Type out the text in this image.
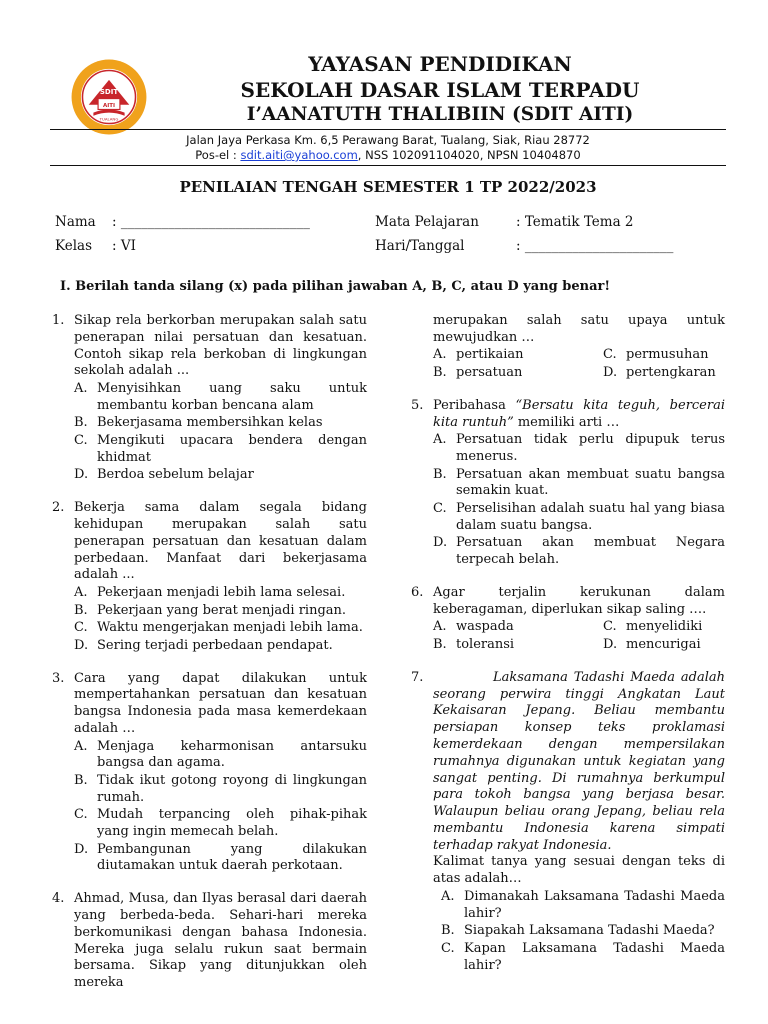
SDIT
AITI
TUALANG
YAYASAN PENDIDIKAN
SEKOLAH DASAR ISLAM TERPADU
I’AANATUTH THALIBIIN (SDIT AITI)
Jalan Jaya Perkasa Km. 6,5 Perawang Barat, Tualang, Siak, Riau 28772
Pos-el : sdit.aiti@yahoo.com, NSS 102091104020, NPSN 10404870
PENILAIAN TENGAH SEMESTER 1 TP 2022/2023
Nama : ____________________________	Mata Pelajaran	: Tematik Tema 2
Kelas : VI	Hari/Tanggal	: ______________________
I. Berilah tanda silang (x) pada pilihan jawaban A, B, C, atau D yang benar!
1. Sikap rela berkorban merupakan salah satu penerapan nilai persatuan dan kesatuan. Contoh sikap rela berkoban di lingkungan sekolah adalah ...
A. Menyisihkan uang saku untuk membantu korban bencana alam
B. Bekerjasama membersihkan kelas
C. Mengikuti upacara bendera dengan khidmat
D. Berdoa sebelum belajar
2. Bekerja sama dalam segala bidang kehidupan merupakan salah satu penerapan persatuan dan kesatuan dalam perbedaan. Manfaat dari bekerjasama adalah ...
A. Pekerjaan menjadi lebih lama selesai.
B. Pekerjaan yang berat menjadi ringan.
C. Waktu mengerjakan menjadi lebih lama.
D. Sering terjadi perbedaan pendapat.
3. Cara yang dapat dilakukan untuk mempertahankan persatuan dan kesatuan bangsa Indonesia pada masa kemerdekaan adalah …
A. Menjaga keharmonisan antarsuku bangsa dan agama.
B. Tidak ikut gotong royong di lingkungan rumah.
C. Mudah terpancing oleh pihak-pihak yang ingin memecah belah.
D. Pembangunan yang dilakukan diutamakan untuk daerah perkotaan.
4. Ahmad, Musa, dan Ilyas berasal dari daerah yang berbeda-beda. Sehari-hari mereka berkomunikasi dengan bahasa Indonesia. Mereka juga selalu rukun saat bermain bersama. Sikap yang ditunjukkan oleh mereka
merupakan salah satu upaya untuk mewujudkan …
A. pertikaian	C. permusuhan
B. persatuan	D. pertengkaran
5. Peribahasa “Bersatu kita teguh, bercerai kita runtuh” memiliki arti …
A. Persatuan tidak perlu dipupuk terus menerus.
B. Persatuan akan membuat suatu bangsa semakin kuat.
C. Perselisihan adalah suatu hal yang biasa dalam suatu bangsa.
D. Persatuan akan membuat Negara terpecah belah.
6. Agar terjalin kerukunan dalam keberagaman, diperlukan sikap saling ….
A. waspada	C. menyelidiki
B. toleransi	D. mencurigai
7.	Laksamana Tadashi Maeda adalah seorang perwira tinggi Angkatan Laut Kekaisaran Jepang. Beliau membantu persiapan konsep teks proklamasi kemerdekaan dengan mempersilakan rumahnya digunakan untuk kegiatan yang sangat penting. Di rumahnya berkumpul para tokoh bangsa yang berjasa besar. Walaupun beliau orang Jepang, beliau rela membantu Indonesia karena simpati terhadap rakyat Indonesia.
Kalimat tanya yang sesuai dengan teks di atas adalah…
A. Dimanakah Laksamana Tadashi Maeda lahir?
B. Siapakah Laksamana Tadashi Maeda?
C. Kapan Laksamana Tadashi Maeda lahir?
